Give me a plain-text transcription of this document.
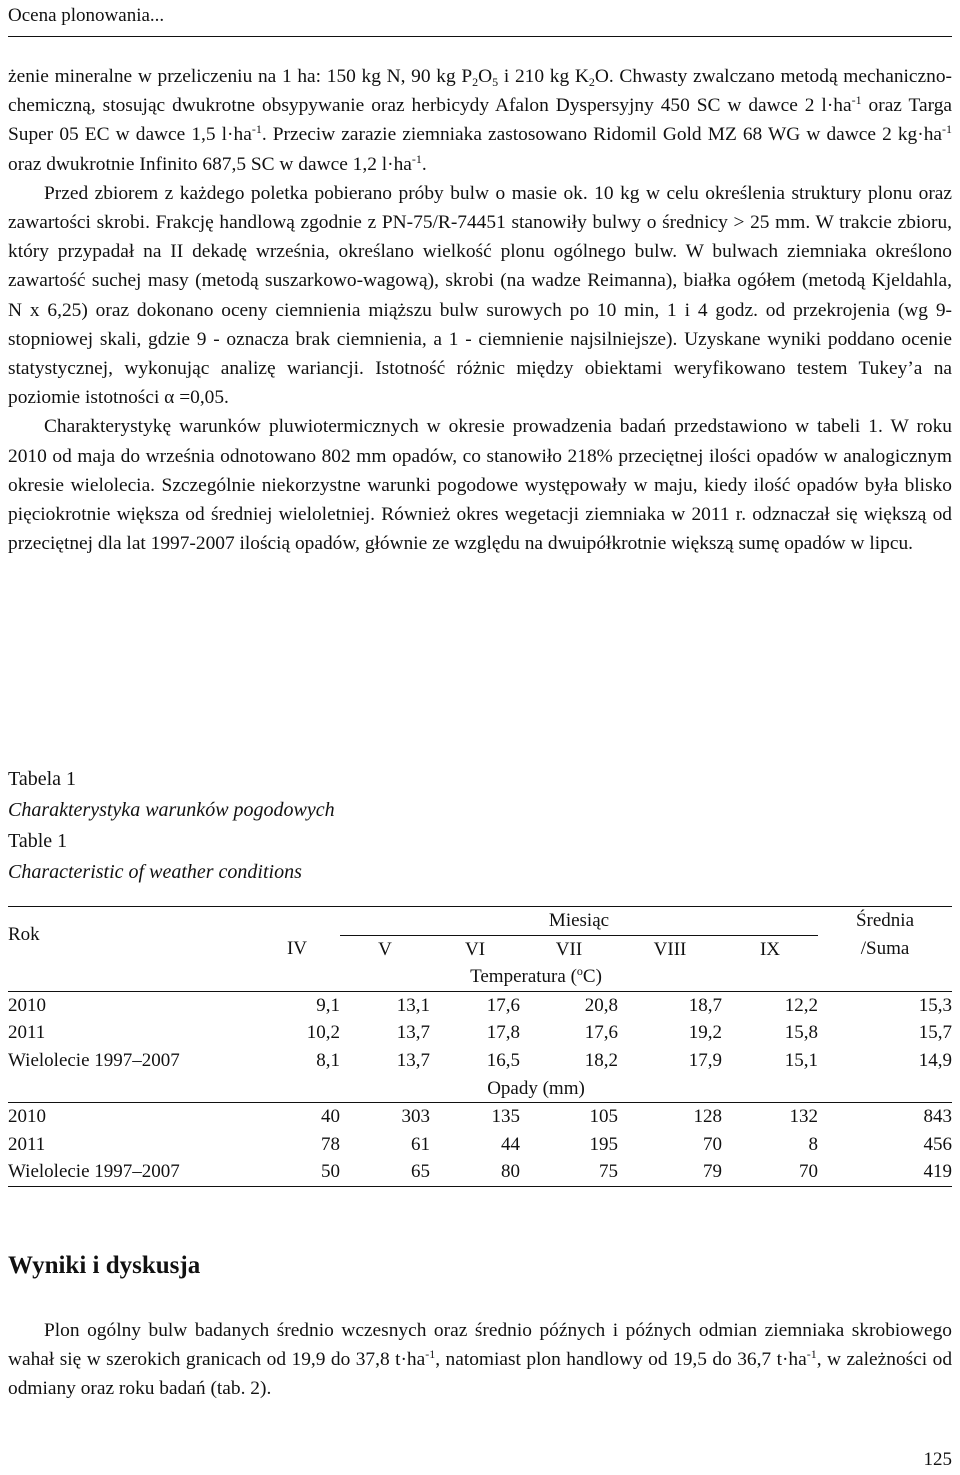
Ocena plonowania...

żenie mineralne w przeliczeniu na 1 ha: 150 kg N, 90 kg $P_2O_5$ i 210 kg $K_2O$. Chwasty zwalczano metodą mechaniczno-chemiczną, stosując dwukrotne obsypywanie oraz herbicydy Afalon Dyspersyjny 450 SC w dawce 2 $l\cdot ha^{-1}$ oraz Targa Super 05 EC w dawce 1,5 $l\cdot ha^{-1}$. Przeciw zarazie ziemniaka zastosowano Ridomil Gold MZ 68 WG w dawce 2 $kg\cdot ha^{-1}$ oraz dwukrotnie Infinito 687,5 SC w dawce 1,2 $l\cdot ha^{-1}$.

Przed zbiorem z każdego poletka pobierano próby bulw o masie ok. 10 kg w celu określenia struktury plonu oraz zawartości skrobi. Frakcję handlową zgodnie z PN-75/R-74451 stanowiły bulwy o średnicy > 25 mm. W trakcie zbioru, który przypadał na II dekadę września, określano wielkość plonu ogólnego bulw. W bulwach ziemniaka określono zawartość suchej masy (metodą suszarkowo-wagową), skrobi (na wadze Reimanna), białka ogółem (metodą Kjeldahla, N x 6,25) oraz dokonano oceny ciemnienia miąższu bulw surowych po 10 min, 1 i 4 godz. od przekrojenia (wg 9-stopniowej skali, gdzie 9 - oznacza brak ciemnienia, a 1 - ciemnienie najsilniejsze). Uzyskane wyniki poddano ocenie statystycznej, wykonując analizę wariancji. Istotność różnic między obiektami weryfikowano testem Tukey’a na poziomie istotności α =0,05.

Charakterystykę warunków pluwiotermicznych w okresie prowadzenia badań przedstawiono w tabeli 1. W roku 2010 od maja do września odnotowano 802 mm opadów, co stanowiło 218% przeciętnej ilości opadów w analogicznym okresie wielolecia. Szczególnie niekorzystne warunki pogodowe występowały w maju, kiedy ilość opadów była blisko pięciokrotnie większa od średniej wieloletniej. Również okres wegetacji ziemniaka w 2011 r. odznaczał się większą od przeciętnej dla lat 1997-2007 ilością opadów, głównie ze względu na dwuipółkrotnie większą sumę opadów w lipcu.

Tabela 1
Charakterystyka warunków pogodowych
Table 1
Characteristic of weather conditions
Rok		Miesiąc					Średnia
	IV	V	VI	VII	VIII	IX	/Suma
	Temperatura ($^o$C)						
2010	9,1	13,1	17,6	20,8	18,7	12,2	15,3
2011	10,2	13,7	17,8	17,6	19,2	15,8	15,7
Wielolecie 1997–2007	8,1	13,7	16,5	18,2	17,9	15,1	14,9
	Opady (mm)						
2010	40	303	135	105	128	132	843
2011	78	61	44	195	70	8	456
Wielolecie 1997–2007	50	65	80	75	79	70	419
Wyniki i dyskusja

Plon ogólny bulw badanych średnio wczesnych oraz średnio późnych i późnych odmian ziemniaka skrobiowego wahał się w szerokich granicach od 19,9 do 37,8 $t\cdot ha^{-1}$, natomiast plon handlowy od 19,5 do 36,7 $t\cdot ha^{-1}$, w zależności od odmiany oraz roku badań (tab. 2).

125
